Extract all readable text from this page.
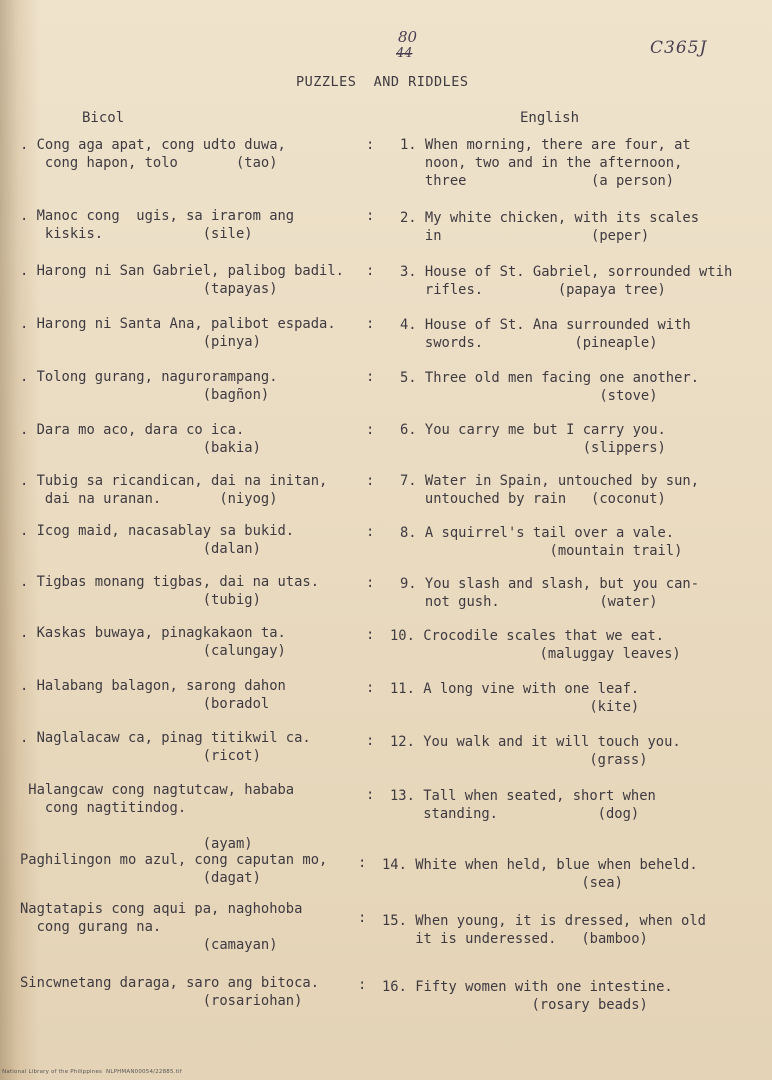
80
44	C365J
PUZZLES  AND RIDDLES
Bicol	English
. Cong aga apat, cong udto duwa,
cong hapon, tolo       (tao)
: 1. When morning, there are four, at
noon, two and in the afternoon,
three               (a person)
. Manoc cong  ugis, sa irarom ang
kiskis.            (sile)
: 2. My white chicken, with its scales
in                  (peper)
. Harong ni San Gabriel, palibog badil.
(tapayas)
: 3. House of St. Gabriel, sorrounded wtih
rifles.         (papaya tree)
. Harong ni Santa Ana, palibot espada.
(pinya)
: 4. House of St. Ana surrounded with
swords.           (pineaple)
. Tolong gurang, nagurorampang.
(bagñon)
: 5. Three old men facing one another.
(stove)
. Dara mo aco, dara co ica.
(bakia)
: 6. You carry me but I carry you.
(slippers)
. Tubig sa ricandican, dai na initan,
dai na uranan.       (niyog)
: 7. Water in Spain, untouched by sun,
untouched by rain   (coconut)
. Icog maid, nacasablay sa bukid.
(dalan)
: 8. A squirrel's tail over a vale.
(mountain trail)
. Tigbas monang tigbas, dai na utas.
(tubig)
: 9. You slash and slash, but you can-
not gush.            (water)
. Kaskas buwaya, pinagkakaon ta.
(calungay)
: 10. Crocodile scales that we eat.
(maluggay leaves)
. Halabang balagon, sarong dahon
(boradol
: 11. A long vine with one leaf.
(kite)
. Naglalacaw ca, pinag titikwil ca.
(ricot)
: 12. You walk and it will touch you.
(grass)
Halangcaw cong nagtutcaw, hababa
cong nagtitindog.

(ayam)
: 13. Tall when seated, short when
standing.            (dog)
Paghilingon mo azul, cong caputan mo,
(dagat)
: 14. White when held, blue when beheld.
(sea)
Nagtatapis cong aqui pa, naghohoba
cong gurang na.
(camayan)
: 15. When young, it is dressed, when old
it is underessed.   (bamboo)
Sincwnetang daraga, saro ang bitoca.
(rosariohan)
: 16. Fifty women with one intestine.
(rosary beads)
National Library of the Philippines  NLPHMAN00054/22885.tif
